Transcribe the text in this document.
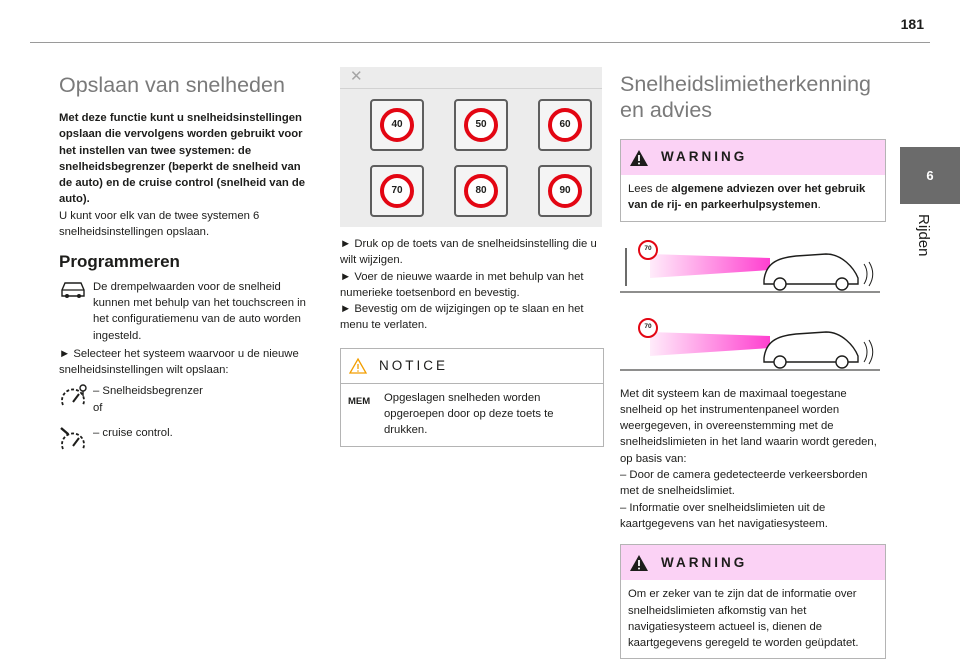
181
6
Rijden
Opslaan van snelheden

Met deze functie kunt u snelheidsinstellingen opslaan die vervolgens worden gebruikt voor het instellen van twee systemen: de snelheidsbegrenzer (beperkt de snelheid van de auto) en de cruise control (snelheid van de auto).

U kunt voor elk van de twee systemen 6 snelheidsinstellingen opslaan.

Programmeren

De drempelwaarden voor de snelheid kunnen met behulp van het touchscreen in het configuratiemenu van de auto worden ingesteld.

► Selecteer het systeem waarvoor u de nieuwe snelheidsinstellingen wilt opslaan:

– Snelheidsbegrenzer

of

– cruise control.

✕
40	50	60
70	80	90

► Druk op de toets van de snelheidsinstelling die u wilt wijzigen.

► Voer de nieuwe waarde in met behulp van het numerieke toetsenbord en bevestig.

► Bevestig om de wijzigingen op te slaan en het menu te verlaten.

NOTICE
MEM	Opgeslagen snelheden worden opgeroepen door op deze toets te drukken.

Snelheidslimietherkenning en advies
WARNING

Lees de algemene adviezen over het gebruik van de rij- en parkeerhulpsystemen.

70
70

Met dit systeem kan de maximaal toegestane snelheid op het instrumentenpaneel worden weergegeven, in overeenstemming met de snelheidslimieten in het land waarin wordt gereden, op basis van:

– Door de camera gedetecteerde verkeersborden met de snelheidslimiet.

– Informatie over snelheidslimieten uit de kaartgegevens van het navigatiesysteem.

WARNING

Om er zeker van te zijn dat de informatie over snelheidslimieten afkomstig van het navigatiesysteem actueel is, dienen de kaartgegevens geregeld te worden geüpdatet.
